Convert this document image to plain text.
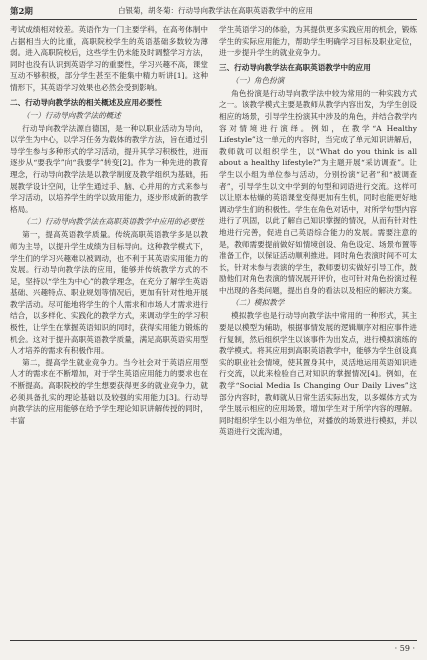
第2期	白银菊，胡冬菊：行动导向教学法在高职英语教学中的应用
考试成绩相对较差。英语作为一门主要学科，在高考体制中占据相当大的比重，高职院校学生的英语基础多数较为薄弱。进入高职院校后，这些学生仍未能及时调整学习方法，同时也没有认识到英语学习的重要性，学习兴趣不高，课堂互动不够积极，部分学生甚至不能集中精力听讲[1]。这种情形下，其英语学习效果也必然会受到影响。
二、行动导向教学法的相关概述及应用必要性
（一）行动导向教学法的概述
行动导向教学法源自德国，是一种以职业活动为导向，以学生为中心，以学习任务为载体的教学方法，旨在通过引导学生参与多种形式的学习活动，提升其学习积极性，进而逐步从“要我学”向“我要学”转变[2]。作为一种先进的教育理念，行动导向教学法是以教学制度及教学组织为基础，拓展教学设计空间，让学生通过手、脑、心并用的方式来参与学习活动，以培养学生的学以致用能力，逐步形成新的教学格局。
（二）行动导向教学法在高职英语教学中应用的必要性
第一，提高英语教学质量。传统高职英语教学多是以教师为主导，以提升学生成绩为目标导向。这种教学模式下，学生们的学习兴趣难以被调动，也不利于其英语实用能力的发展。行动导向教学法的应用，能够并传统教学方式的不足，坚持以“学生为中心”的教学理念，在充分了解学生英语基础、兴趣特点、职业规划等情况后，更加有针对性地开展教学活动。尽可能地将学生的个人需求和市场人才需求进行结合，以多样化、实践化的教学方式，来调动学生的学习积极性，让学生在掌握英语知识的同时，获得实用能力锻炼的机会。这对于提升高职英语教学质量，满足高职英语实用型人才培养的需求有积极作用。
第二，提高学生就业竞争力。当今社会对于英语应用型人才的需求在不断增加，对于学生英语应用能力的要求也在不断提高。高职院校的学生想要获得更多的就业竞争力，就必须具备扎实的理论基础以及较强的实用能力[3]。行动导向教学法的应用能够在给予学生理论知识讲解传授的同时，丰富
学生英语学习的体验，为其提供更多实践应用的机会，锻炼学生的实际应用能力，帮助学生明确学习目标及职业定位，进一步提升学生的就业竞争力。
三、行动导向教学法在高职英语教学中的应用
（一）角色扮演
角色扮演是行动导向教学法中较为常用的一种实践方式之一。该教学模式主要是教师从教学内容出发，为学生创设相应的场景，引导学生扮演其中涉及的角色，并结合教学内容对情境进行演绎。例如，在教学“A Healthy Lifestyle”这一单元的内容时，当完成了单元知识讲解后，教师就可以组织学生，以“What do you think is all about a healthy lifestyle?”为主题开展“采访调查”。让学生以小组为单位参与活动，分别扮演“记者”和“被调查者”，引导学生以文中学到的句型和词语进行交流。这样可以让原本枯燥的英语课堂变得更加有生机，同时也能更好地调动学生们的积极性。学生在角色对话中，对所学句型内容进行了巩固，以此了解自己知识掌握的情况，从而有针对性地进行完善，促进自己英语综合能力的发展。需要注意的是，教师需要提前做好如情境创设、角色设定、场景布置等准备工作，以保证活动顺利推进。同时角色表演时间不可太长，针对未参与表演的学生，教师要切实做好引导工作，鼓励他们对角色表演的情况展开评价，也可针对角色扮演过程中出现的各类问题，提出自身的看法以及相应的解决方案。
（二）模拟教学
模拟教学也是行动导向教学法中常用的一种形式，其主要是以模型为辅助，根据事情发展的逻辑顺序对相应事件进行复制，然后组织学生以该事件为出发点，进行模拟演练的教学模式。将其应用到高职英语教学中，能够为学生创设真实的职业社会情境，使其置身其中，灵活地运用英语知识进行交流，以此来检验自己对知识的掌握情况[4]。例如，在教学“Social Media Is Changing Our Daily Lives”这部分内容时，教师就从日常生活实际出发，以多媒体方式为学生展示相应的应用场景，增加学生对于所学内容的理解。同时组织学生以小组为单位，对播放的场景进行模拟，并以英语进行交流沟通，
· 59 ·
